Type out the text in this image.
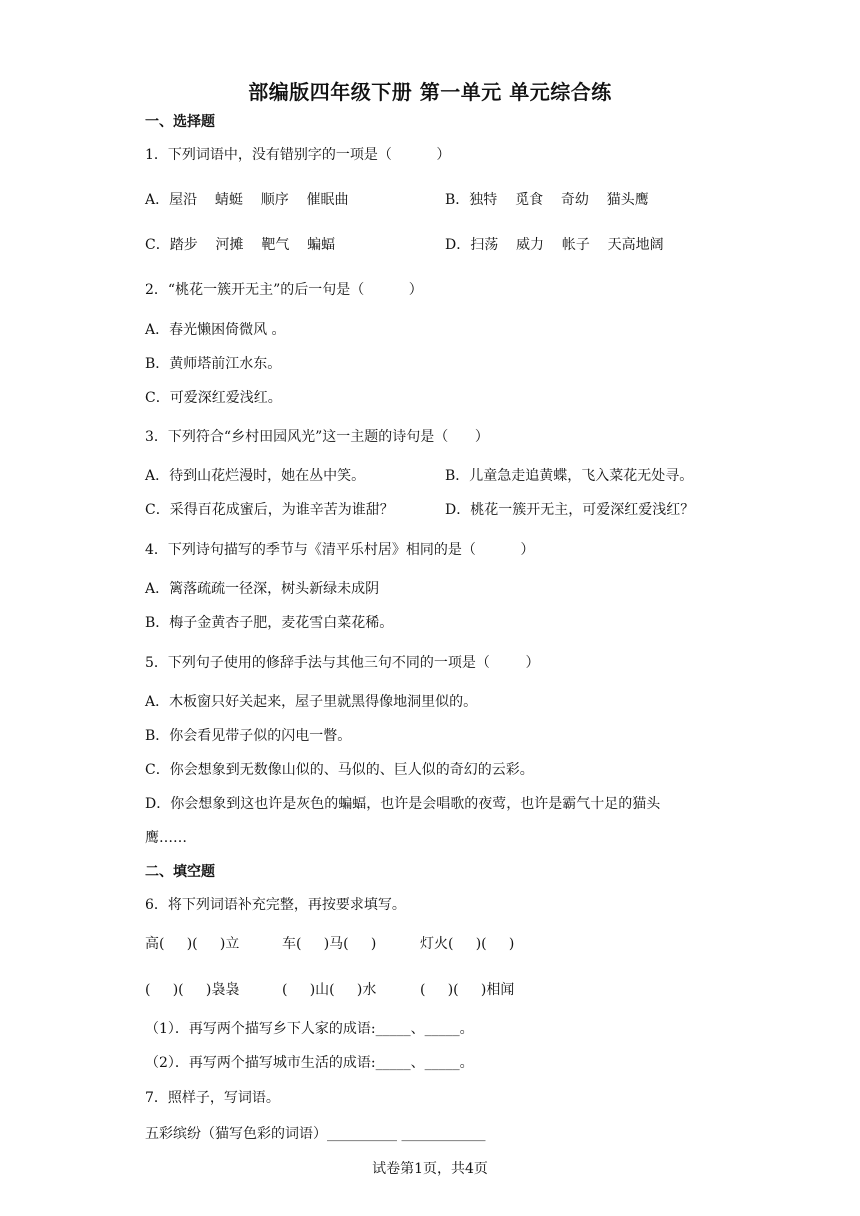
部编版四年级下册 第一单元 单元综合练
一、选择题
1．下列词语中，没有错别字的一项是（          ）
A．屋沿    蜻蜓    顺序    催眠曲	B．独特    觅食    奇幼    猫头鹰
C．踏步    河摊    靶气    蝙蝠	D．扫荡    威力    帐子    天高地阔
2．“桃花一簇开无主”的后一句是（          ）
A．春光懒困倚微风 。
B．黄师塔前江水东。
C．可爱深红爱浅红。
3．下列符合“乡村田园风光”这一主题的诗句是（      ）
A．待到山花烂漫时，她在丛中笑。	B．儿童急走追黄蝶，飞入菜花无处寻。
C．采得百花成蜜后，为谁辛苦为谁甜？	D．桃花一簇开无主，可爱深红爱浅红？
4．下列诗句描写的季节与《清平乐村居》相同的是（          ）
A．篱落疏疏一径深，树头新绿未成阴
B．梅子金黄杏子肥，麦花雪白菜花稀。
5．下列句子使用的修辞手法与其他三句不同的一项是（        ）
A．木板窗只好关起来，屋子里就黑得像地洞里似的。
B．你会看见带子似的闪电一瞥。
C．你会想象到无数像山似的、马似的、巨人似的奇幻的云彩。
D．你会想象到这也许是灰色的蝙蝠，也许是会唱歌的夜莺，也许是霸气十足的猫头
鹰……
二、填空题
6．将下列词语补充完整，再按要求填写。
高(     )(     )立	车(     )马(     )	灯火(     )(     )
(     )(     )袅袅	(     )山(     )水	(     )(     )相闻
（1）．再写两个描写乡下人家的成语:_____、_____。
（2）．再写两个描写城市生活的成语:_____、_____。
7．照样子，写词语。
五彩缤纷（猫写色彩的词语）__________ ____________
试卷第1页，共4页
